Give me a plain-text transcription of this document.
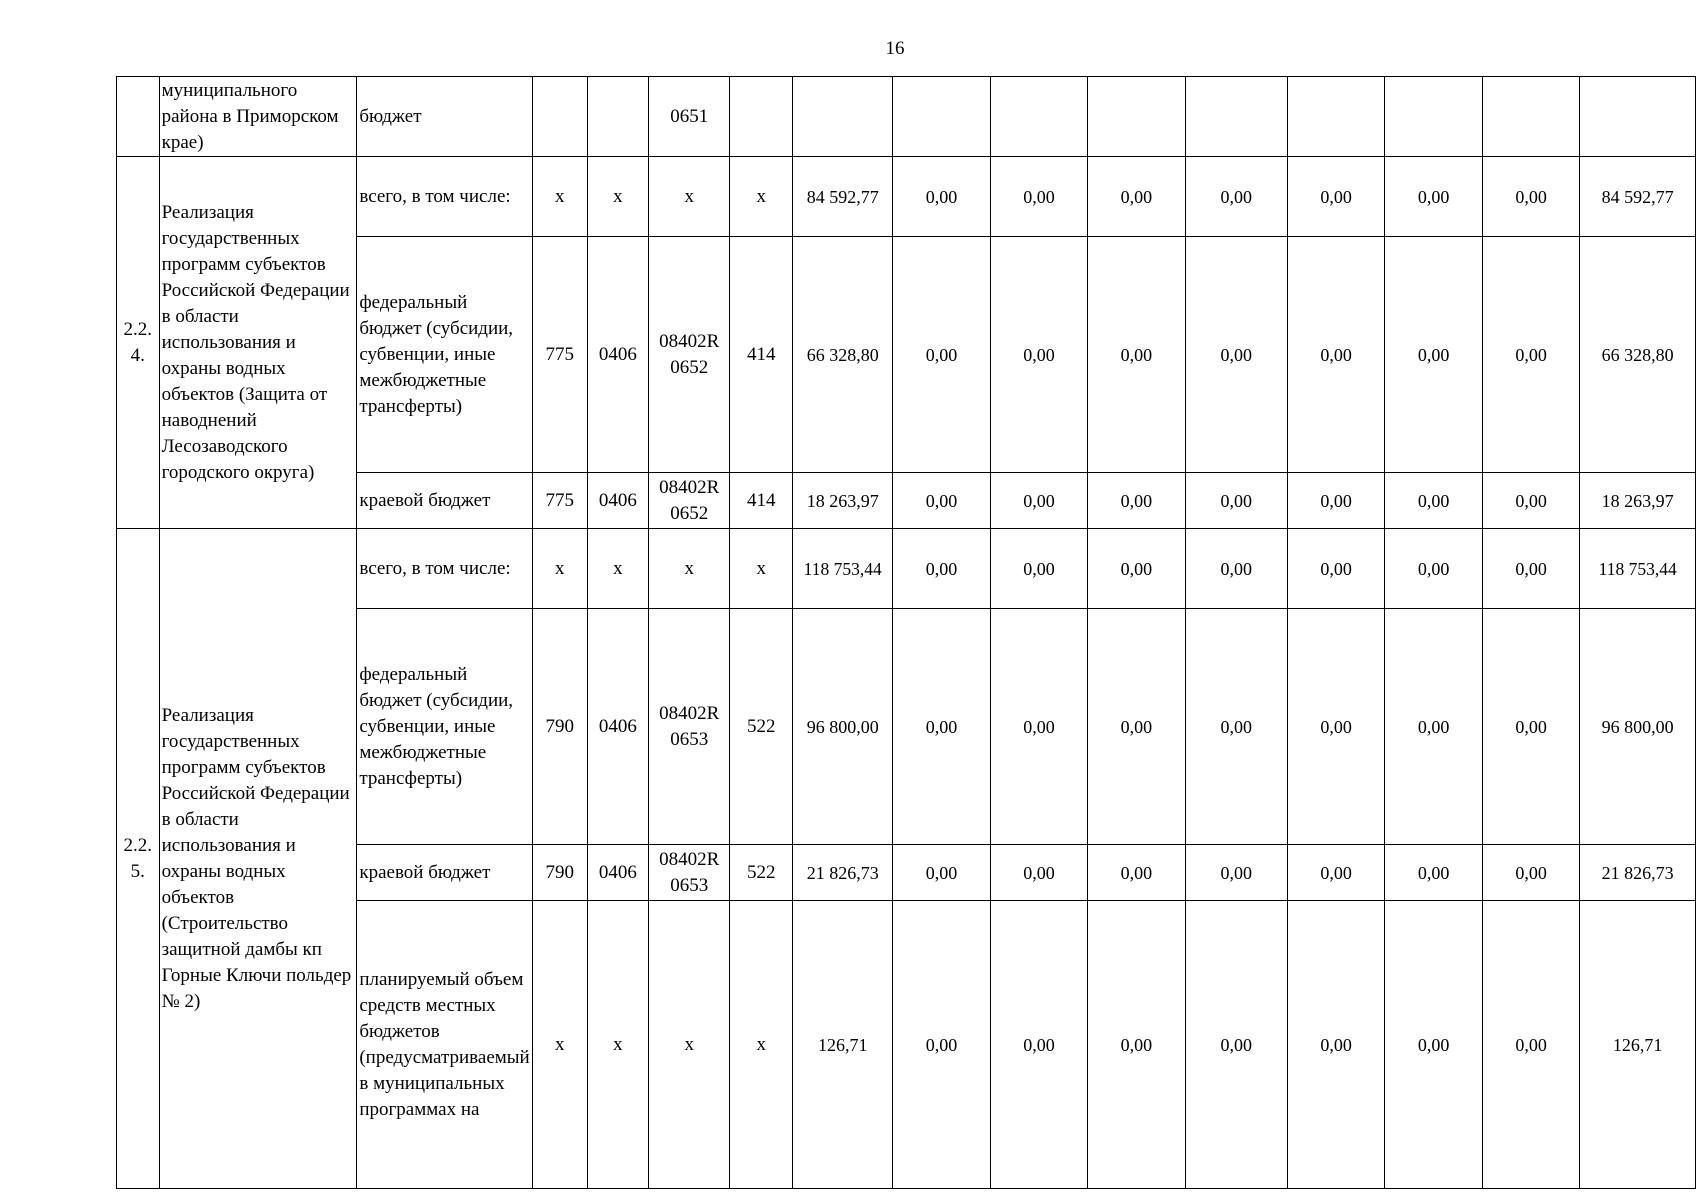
16
	муниципального района в Приморском крае)	бюджет			0651										
2.2. 4.	Реализация государственных программ субъектов Российской Федерации в области использования и охраны водных объектов (Защита от наводнений Лесозаводского городского округа)	всего, в том числе:	х	х	х	х	84 592,77	0,00	0,00	0,00	0,00	0,00	0,00	0,00	84 592,77
		федеральный бюджет (субсидии, субвенции, иные межбюджетные трансферты)	775	0406	08402R 0652	414	66 328,80	0,00	0,00	0,00	0,00	0,00	0,00	0,00	66 328,80
		краевой бюджет	775	0406	08402R 0652	414	18 263,97	0,00	0,00	0,00	0,00	0,00	0,00	0,00	18 263,97
2.2. 5.	Реализация государственных программ субъектов Российской Федерации в области использования и охраны водных объектов (Строительство защитной дамбы кп Горные Ключи польдер № 2)	всего, в том числе:	х	х	х	х	118 753,44	0,00	0,00	0,00	0,00	0,00	0,00	0,00	118 753,44
		федеральный бюджет (субсидии, субвенции, иные межбюджетные трансферты)	790	0406	08402R 0653	522	96 800,00	0,00	0,00	0,00	0,00	0,00	0,00	0,00	96 800,00
		краевой бюджет	790	0406	08402R 0653	522	21 826,73	0,00	0,00	0,00	0,00	0,00	0,00	0,00	21 826,73
		планируемый объем средств местных бюджетов (предусматриваемый в муниципальных программах на	х	х	х	х	126,71	0,00	0,00	0,00	0,00	0,00	0,00	0,00	126,71
